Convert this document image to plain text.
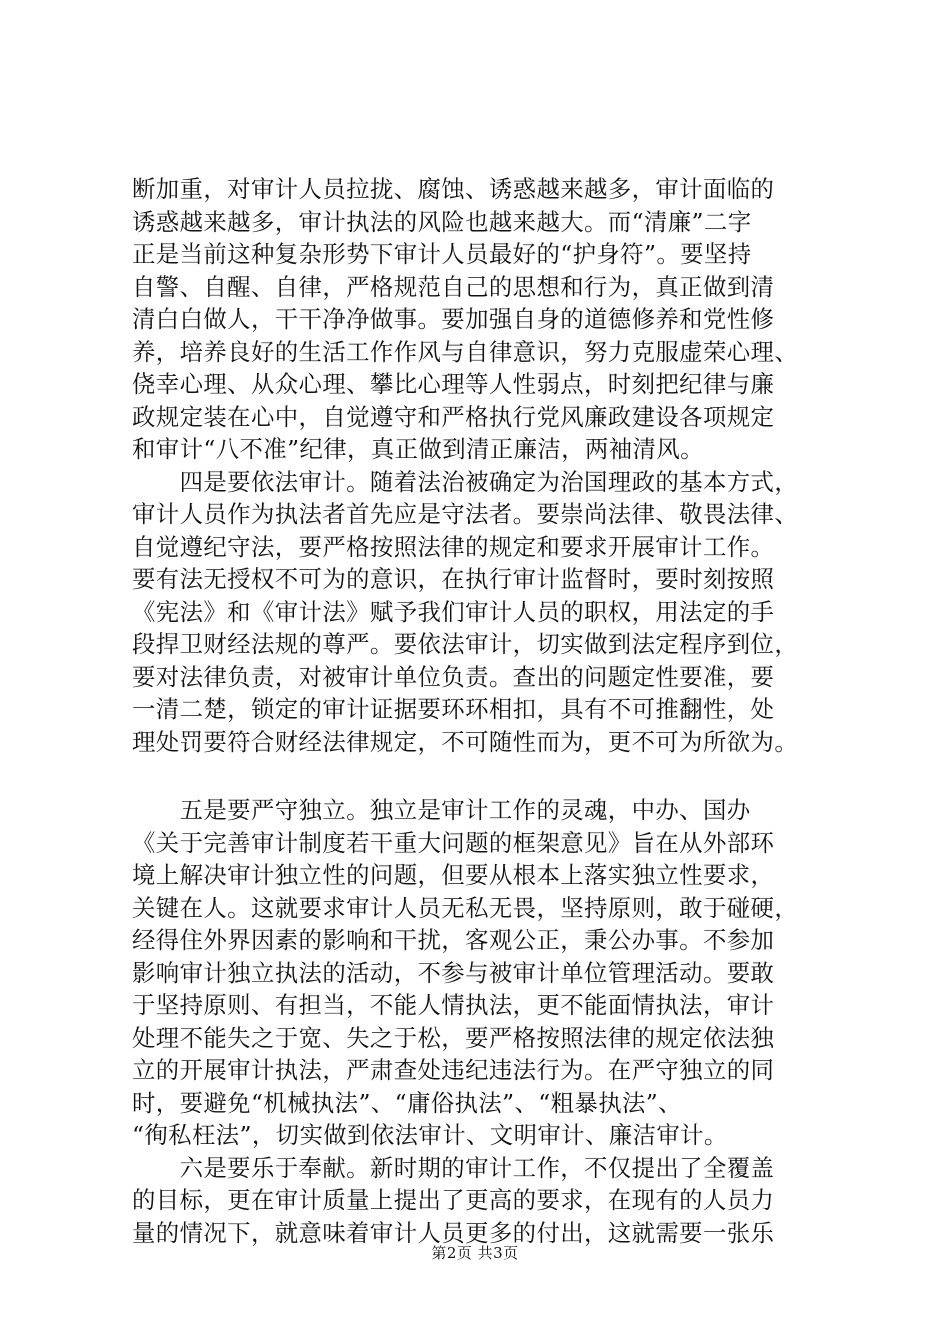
断加重，对审计人员拉拢、腐蚀、诱惑越来越多，审计面临的
诱惑越来越多，审计执法的风险也越来越大。而“清廉”二字
正是当前这种复杂形势下审计人员最好的“护身符”。要坚持
自警、自醒、自律，严格规范自己的思想和行为，真正做到清
清白白做人，干干净净做事。要加强自身的道德修养和党性修
养，培养良好的生活工作作风与自律意识，努力克服虚荣心理、
侥幸心理、从众心理、攀比心理等人性弱点，时刻把纪律与廉
政规定装在心中，自觉遵守和严格执行党风廉政建设各项规定
和审计“八不准”纪律，真正做到清正廉洁，两袖清风。
　　四是要依法审计。随着法治被确定为治国理政的基本方式，
审计人员作为执法者首先应是守法者。要崇尚法律、敬畏法律、
自觉遵纪守法，要严格按照法律的规定和要求开展审计工作。
要有法无授权不可为的意识，在执行审计监督时，要时刻按照
《宪法》和《审计法》赋予我们审计人员的职权，用法定的手
段捍卫财经法规的尊严。要依法审计，切实做到法定程序到位，
要对法律负责，对被审计单位负责。查出的问题定性要准，要
一清二楚，锁定的审计证据要环环相扣，具有不可推翻性，处
理处罚要符合财经法律规定，不可随性而为，更不可为所欲为。
　　五是要严守独立。独立是审计工作的灵魂，中办、国办
《关于完善审计制度若干重大问题的框架意见》旨在从外部环
境上解决审计独立性的问题，但要从根本上落实独立性要求，
关键在人。这就要求审计人员无私无畏，坚持原则，敢于碰硬，
经得住外界因素的影响和干扰，客观公正，秉公办事。不参加
影响审计独立执法的活动，不参与被审计单位管理活动。要敢
于坚持原则、有担当，不能人情执法，更不能面情执法，审计
处理不能失之于宽、失之于松，要严格按照法律的规定依法独
立的开展审计执法，严肃查处违纪违法行为。在严守独立的同
时，要避免“机械执法”、“庸俗执法”、“粗暴执法”、
“徇私枉法”，切实做到依法审计、文明审计、廉洁审计。
　　六是要乐于奉献。新时期的审计工作，不仅提出了全覆盖
的目标，更在审计质量上提出了更高的要求，在现有的人员力
量的情况下，就意味着审计人员更多的付出，这就需要一张乐
第2页 共3页
